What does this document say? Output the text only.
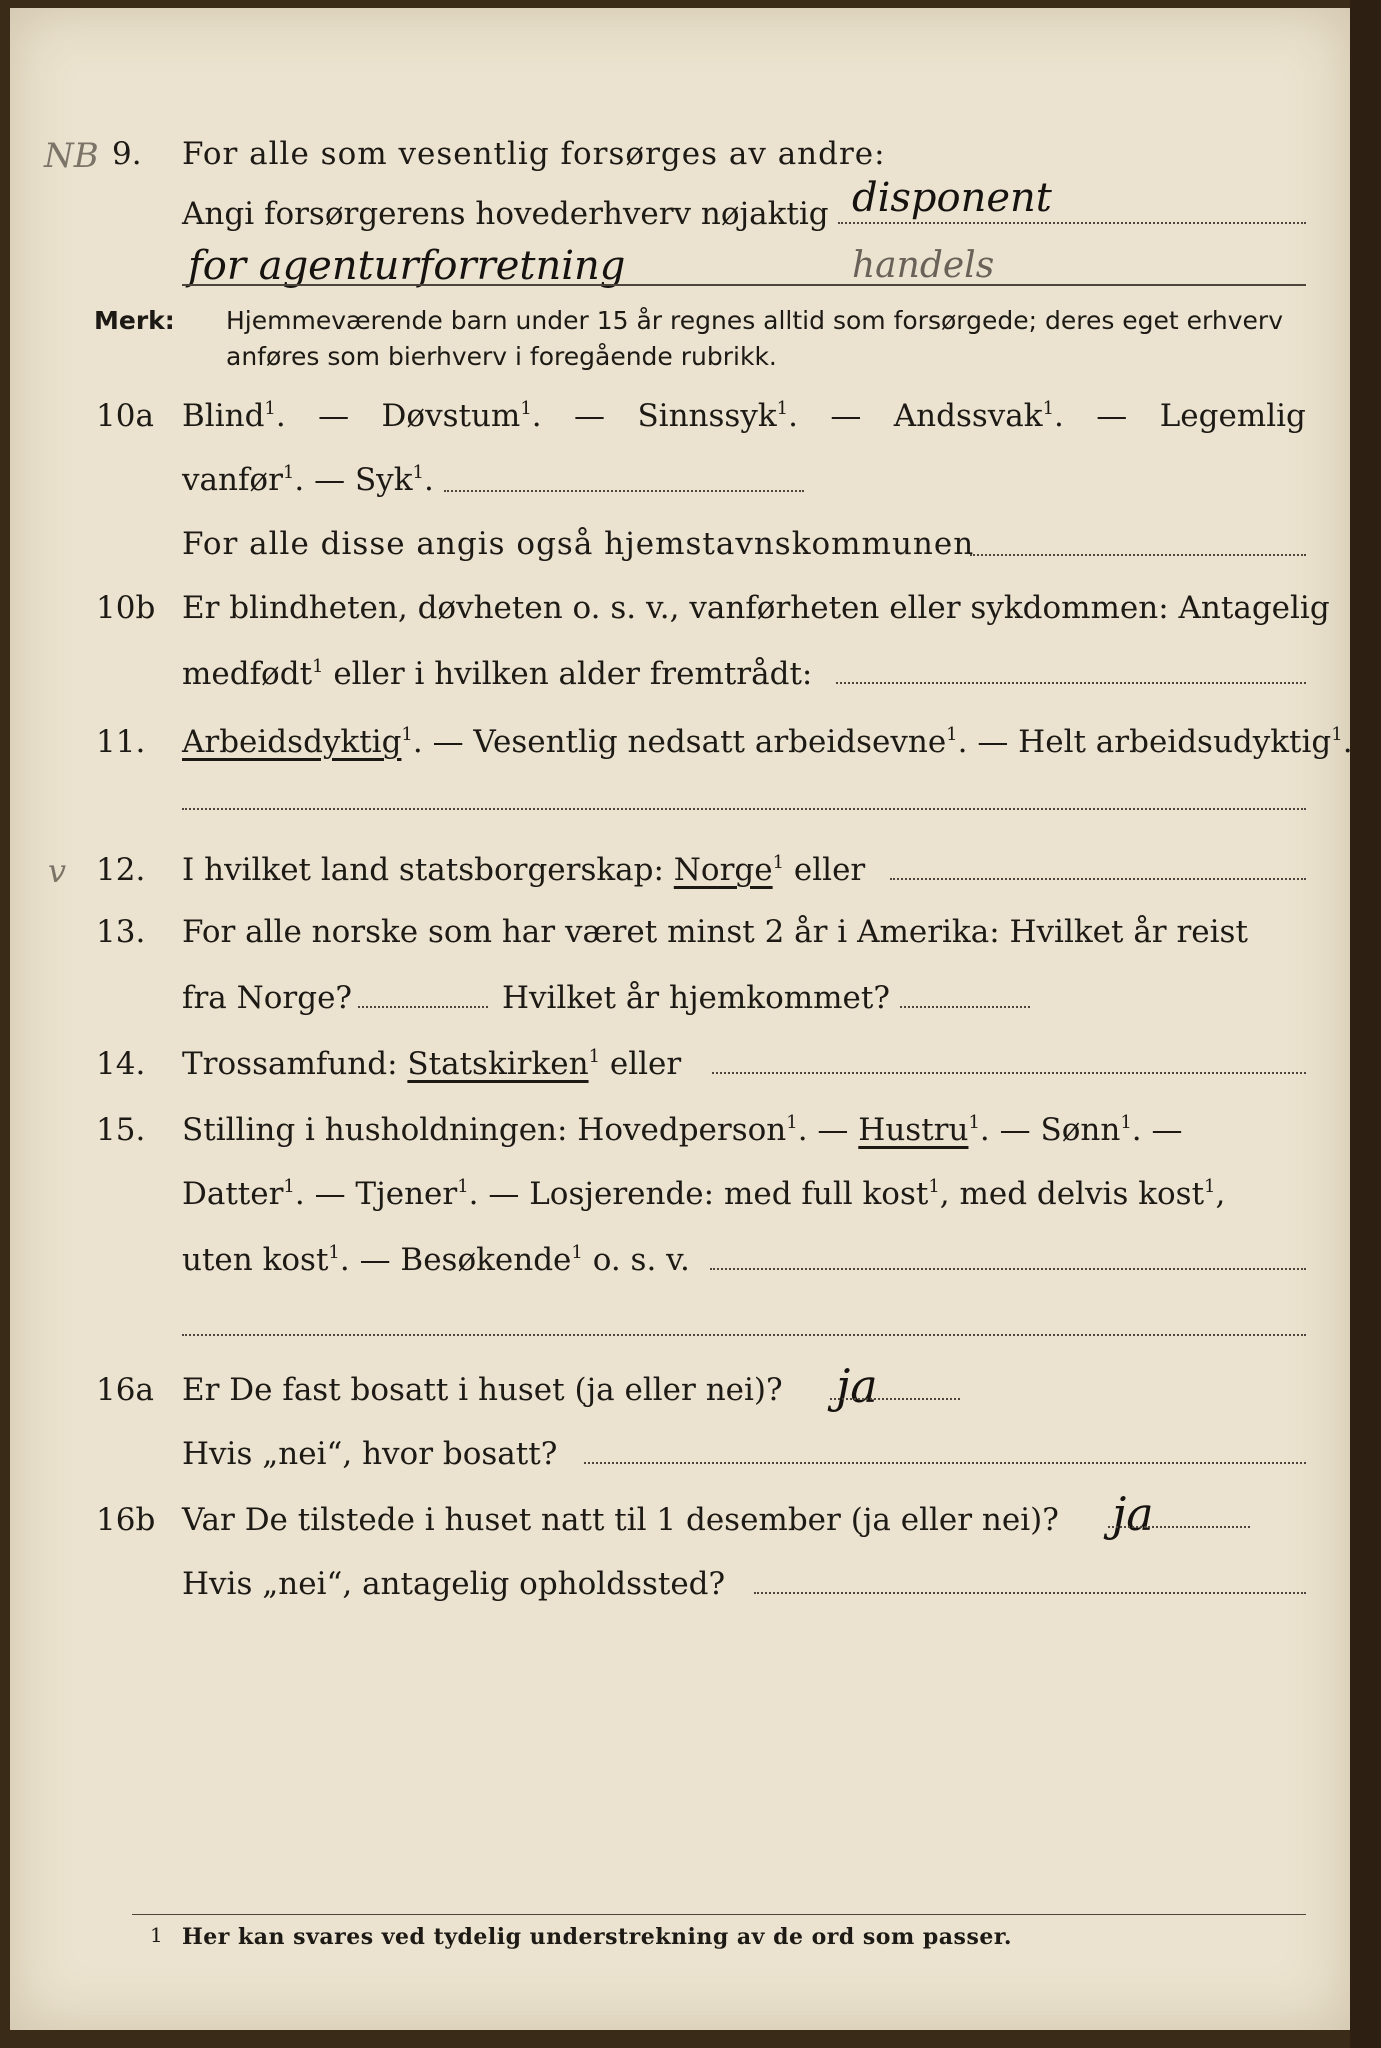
NB
v
9. For alle som vesentlig forsørges av andre:
Angi forsørgerens hovederhverv nøjaktig disponent
for agenturforretning	handels
Merk: Hjemmeværende barn under 15 år regnes alltid som forsørgede; deres eget erhverv
anføres som bierhverv i foregående rubrikk.
10a Blind$^1$. — Døvstum$^1$. — Sinnssyk$^1$. — Andssvak$^1$. — Legemlig
vanfør$^1$. — Syk$^1$.
For alle disse angis også hjemstavnskommunen
10b Er blindheten, døvheten o. s. v., vanførheten eller sykdommen: Antagelig
medfødt$^1$ eller i hvilken alder fremtrådt:
11. Arbeidsdyktig$^1$. — Vesentlig nedsatt arbeidsevne$^1$. — Helt arbeidsudyktig$^1$.
12. I hvilket land statsborgerskap: Norge$^1$ eller
13. For alle norske som har været minst 2 år i Amerika: Hvilket år reist
fra Norge?	Hvilket år hjemkommet?
14. Trossamfund: Statskirken$^1$ eller
15. Stilling i husholdningen: Hovedperson$^1$. — Hustru$^1$. — Sønn$^1$. —
Datter$^1$. — Tjener$^1$. — Losjerende: med full kost$^1$, med delvis kost$^1$,
uten kost$^1$. — Besøkende$^1$ o. s. v.
16a Er De fast bosatt i huset (ja eller nei)? ja
Hvis „nei“, hvor bosatt?
16b Var De tilstede i huset natt til 1 desember (ja eller nei)? ja
Hvis „nei“, antagelig opholdssted?
1 Her kan svares ved tydelig understrekning av de ord som passer.
